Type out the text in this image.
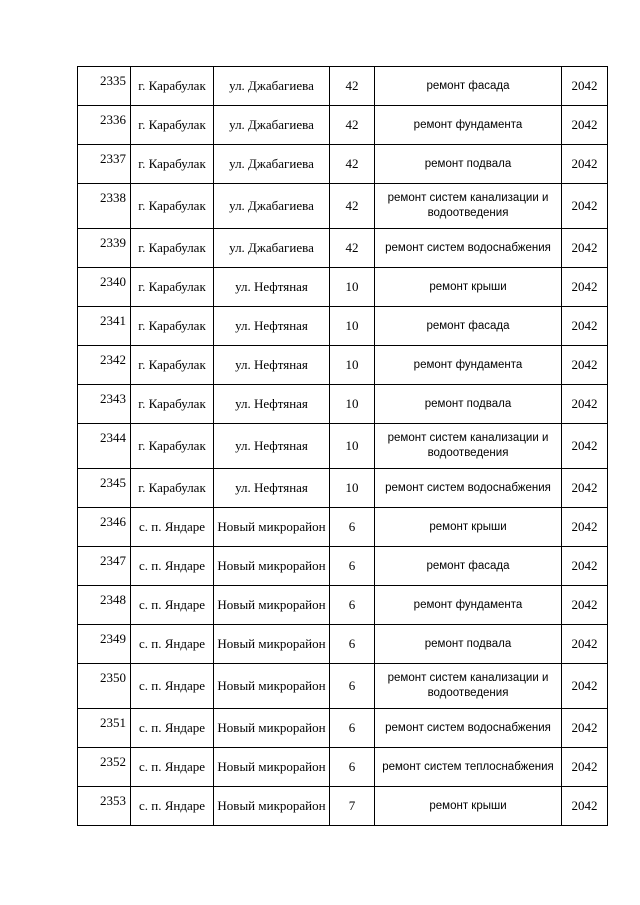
2335	г. Карабулак	ул. Джабагиева	42	ремонт фасада	2042
2336	г. Карабулак	ул. Джабагиева	42	ремонт фундамента	2042
2337	г. Карабулак	ул. Джабагиева	42	ремонт подвала	2042
2338	г. Карабулак	ул. Джабагиева	42	ремонт систем канализации и водоотведения	2042
2339	г. Карабулак	ул. Джабагиева	42	ремонт систем водоснабжения	2042
2340	г. Карабулак	ул. Нефтяная	10	ремонт крыши	2042
2341	г. Карабулак	ул. Нефтяная	10	ремонт фасада	2042
2342	г. Карабулак	ул. Нефтяная	10	ремонт фундамента	2042
2343	г. Карабулак	ул. Нефтяная	10	ремонт подвала	2042
2344	г. Карабулак	ул. Нефтяная	10	ремонт систем канализации и водоотведения	2042
2345	г. Карабулак	ул. Нефтяная	10	ремонт систем водоснабжения	2042
2346	с. п. Яндаре	Новый микрорайон	6	ремонт крыши	2042
2347	с. п. Яндаре	Новый микрорайон	6	ремонт фасада	2042
2348	с. п. Яндаре	Новый микрорайон	6	ремонт фундамента	2042
2349	с. п. Яндаре	Новый микрорайон	6	ремонт подвала	2042
2350	с. п. Яндаре	Новый микрорайон	6	ремонт систем канализации и водоотведения	2042
2351	с. п. Яндаре	Новый микрорайон	6	ремонт систем водоснабжения	2042
2352	с. п. Яндаре	Новый микрорайон	6	ремонт систем теплоснабжения	2042
2353	с. п. Яндаре	Новый микрорайон	7	ремонт крыши	2042
